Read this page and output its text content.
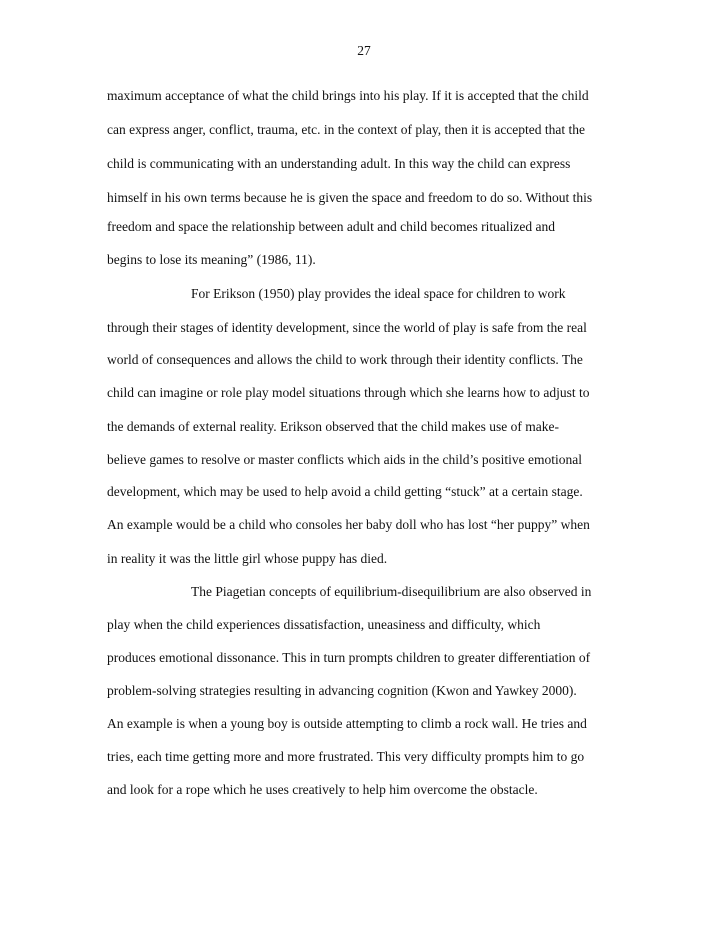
27
maximum acceptance of what the child brings into his play. If it is accepted that the child
can express anger, conflict, trauma, etc. in the context of play, then it is accepted that the
child is communicating with an understanding adult. In this way the child can express
himself in his own terms because he is given the space and freedom to do so. Without this
freedom and space the relationship between adult and child becomes ritualized and
begins to lose its meaning” (1986, 11).
For Erikson (1950) play provides the ideal space for children to work
through their stages of identity development, since the world of play is safe from the real
world of consequences and allows the child to work through their identity conflicts. The
child can imagine or role play model situations through which she learns how to adjust to
the demands of external reality. Erikson observed that the child makes use of make-
believe games to resolve or master conflicts which aids in the child’s positive emotional
development, which may be used to help avoid a child getting “stuck” at a certain stage.
An example would be a child who consoles her baby doll who has lost “her puppy” when
in reality it was the little girl whose puppy has died.
The Piagetian concepts of equilibrium-disequilibrium are also observed in
play when the child experiences dissatisfaction, uneasiness and difficulty, which
produces emotional dissonance. This in turn prompts children to greater differentiation of
problem-solving strategies resulting in advancing cognition (Kwon and Yawkey 2000).
An example is when a young boy is outside attempting to climb a rock wall. He tries and
tries, each time getting more and more frustrated. This very difficulty prompts him to go
and look for a rope which he uses creatively to help him overcome the obstacle.
